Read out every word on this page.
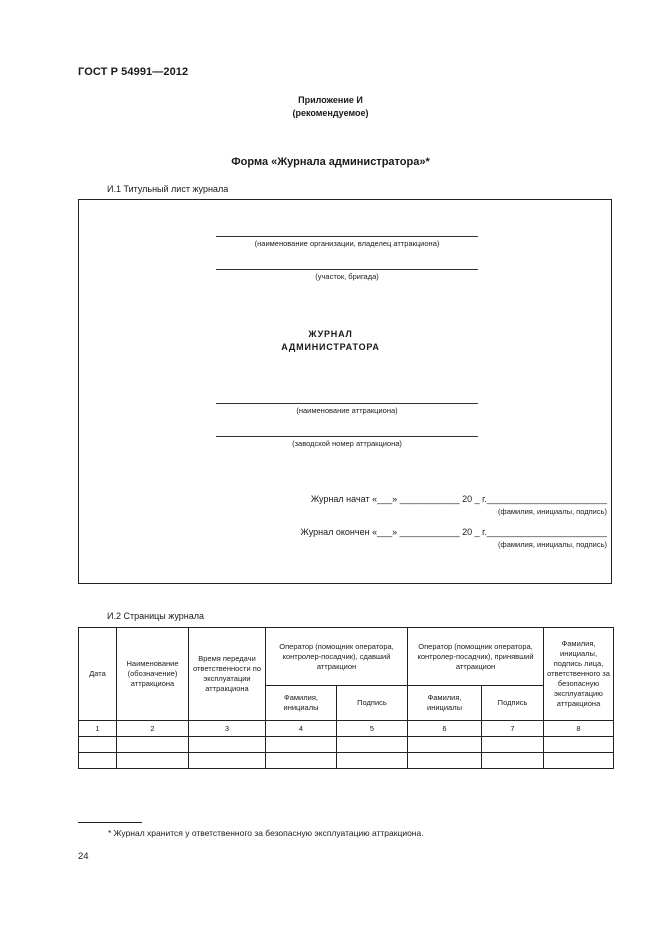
ГОСТ Р 54991—2012
Приложение И
(рекомендуемое)
Форма «Журнала администратора»*
И.1 Титульный лист журнала
(наименование организации, владелец аттракциона)
(участок, бригада)
ЖУРНАЛ
АДМИНИСТРАТОРА
(наименование аттракциона)
(заводской номер аттракциона)
Журнал начат «___» ____________ 20 _ г.________________________
(фамилия, инициалы, подпись)
Журнал окончен «___» ____________ 20 _ г.________________________
(фамилия, инициалы, подпись)
И.2 Страницы журнала
Дата	Наименование (обозначение) аттракциона	Время передачи ответственности по эксплуатации аттракциона	Оператор (помощник оператора, контролер-посадчик), сдавший аттракцион		Оператор (помощник оператора, контролер-посадчик), принявший аттракцион		Фамилия, инициалы, подпись лица, ответственного за безопасную эксплуатацию аттракциона
			Фамилия, инициалы	Подпись	Фамилия, инициалы	Подпись	
1	2	3	4	5	6	7	8

* Журнал хранится у ответственного за безопасную эксплуатацию аттракциона.
24
